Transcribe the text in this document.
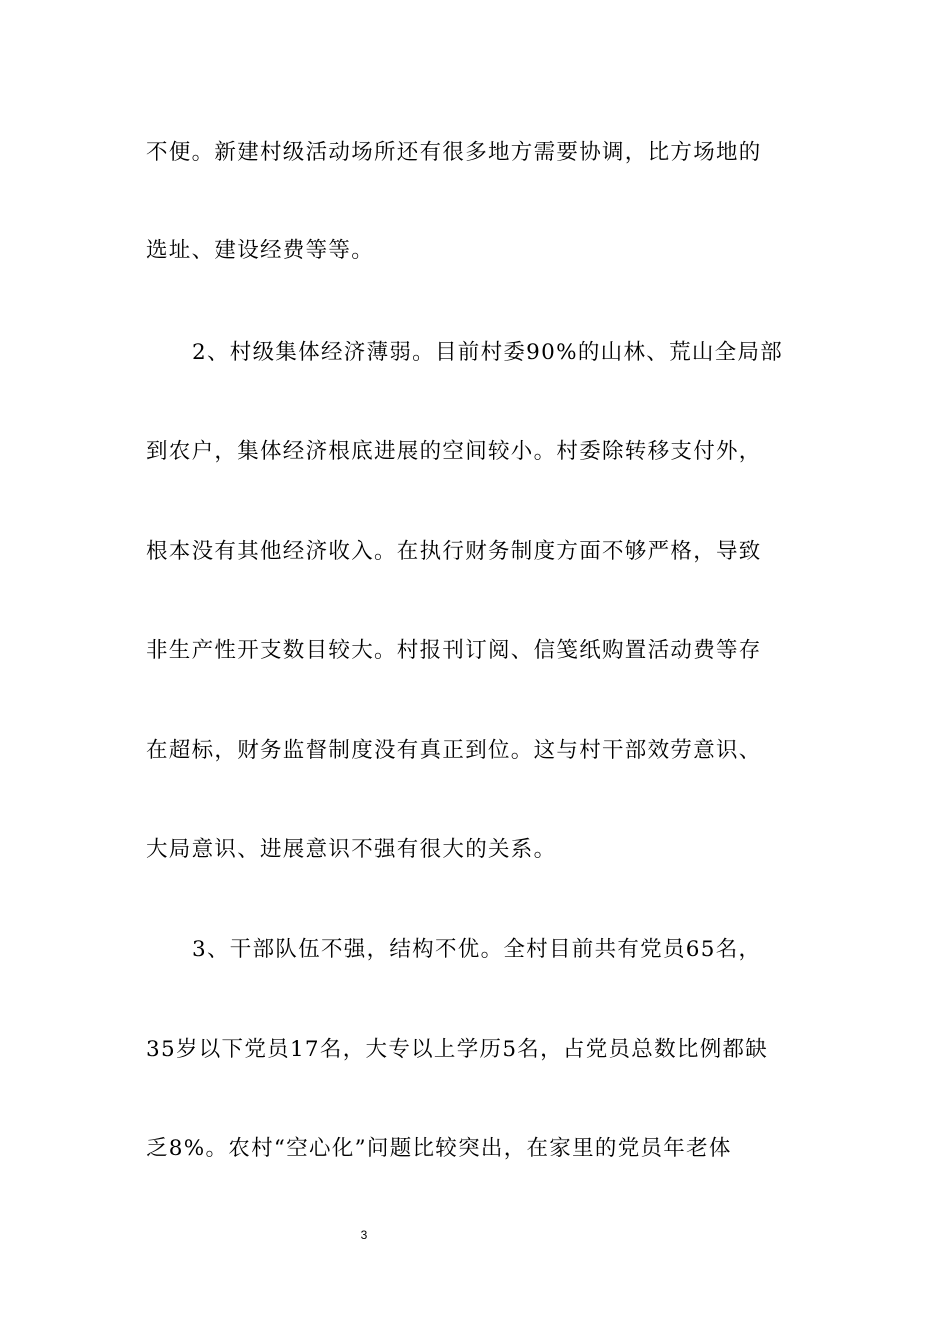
不便。新建村级活动场所还有很多地方需要协调，比方场地的
选址、建设经费等等。
2、村级集体经济薄弱。目前村委90%的山林、荒山全局部
到农户，集体经济根底进展的空间较小。村委除转移支付外，
根本没有其他经济收入。在执行财务制度方面不够严格，导致
非生产性开支数目较大。村报刊订阅、信笺纸购置活动费等存
在超标，财务监督制度没有真正到位。这与村干部效劳意识、
大局意识、进展意识不强有很大的关系。
3、干部队伍不强，结构不优。全村目前共有党员65名，
35岁以下党员17名，大专以上学历5名，占党员总数比例都缺
乏8%。农村“空心化”问题比较突出，在家里的党员年老体
3
